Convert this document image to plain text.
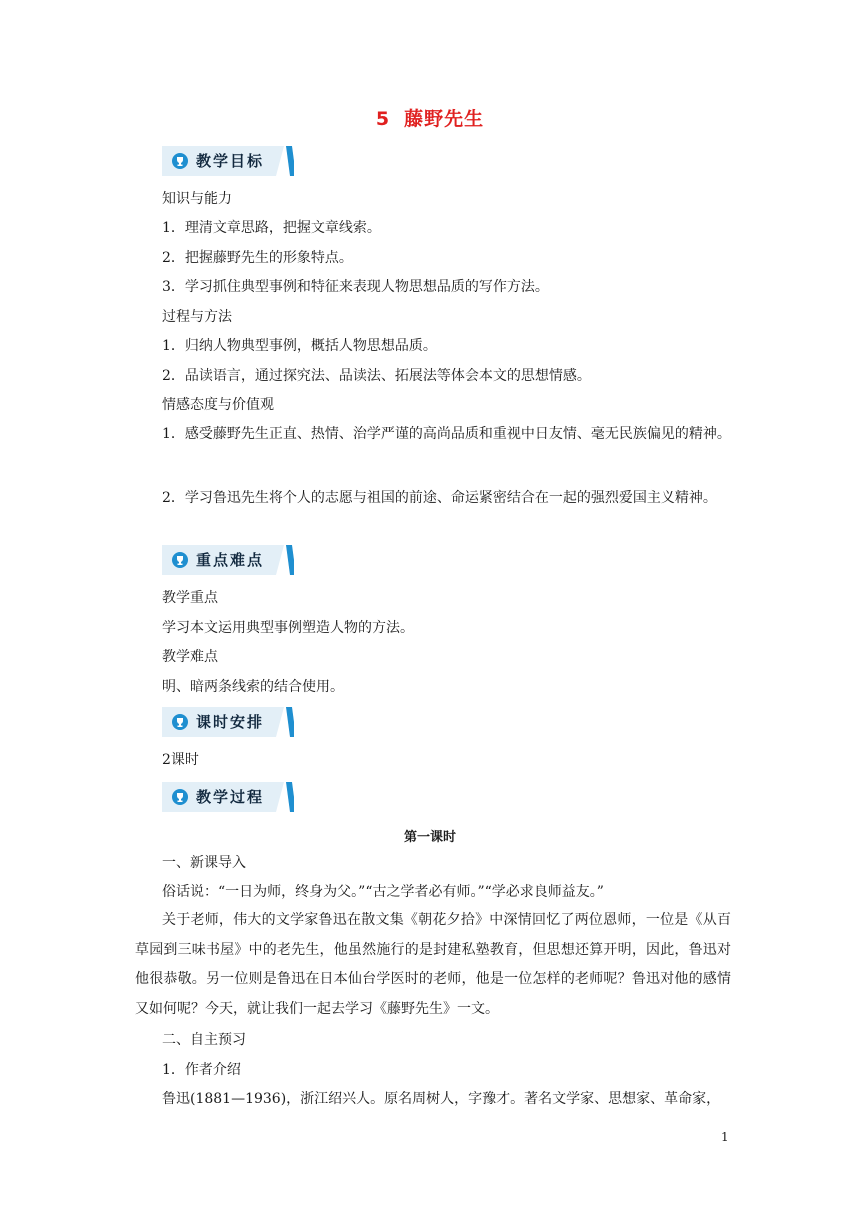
5 藤野先生
教学目标
知识与能力
1．理清文章思路，把握文章线索。
2．把握藤野先生的形象特点。
3．学习抓住典型事例和特征来表现人物思想品质的写作方法。
过程与方法
1．归纳人物典型事例，概括人物思想品质。
2．品读语言，通过探究法、品读法、拓展法等体会本文的思想情感。
情感态度与价值观
1．感受藤野先生正直、热情、治学严谨的高尚品质和重视中日友情、毫无民族偏见的精神。
2．学习鲁迅先生将个人的志愿与祖国的前途、命运紧密结合在一起的强烈爱国主义精神。
重点难点
教学重点
学习本文运用典型事例塑造人物的方法。
教学难点
明、暗两条线索的结合使用。
课时安排
2课时
教学过程
第一课时
一、新课导入
俗话说：“一日为师，终身为父。”“古之学者必有师。”“学必求良师益友。”
关于老师，伟大的文学家鲁迅在散文集《朝花夕拾》中深情回忆了两位恩师，一位是《从百草园到三味书屋》中的老先生，他虽然施行的是封建私塾教育，但思想还算开明，因此，鲁迅对他很恭敬。另一位则是鲁迅在日本仙台学医时的老师，他是一位怎样的老师呢？鲁迅对他的感情又如何呢？今天，就让我们一起去学习《藤野先生》一文。
二、自主预习
1．作者介绍
鲁迅(1881—1936)，浙江绍兴人。原名周树人，字豫才。著名文学家、思想家、革命家，
1
